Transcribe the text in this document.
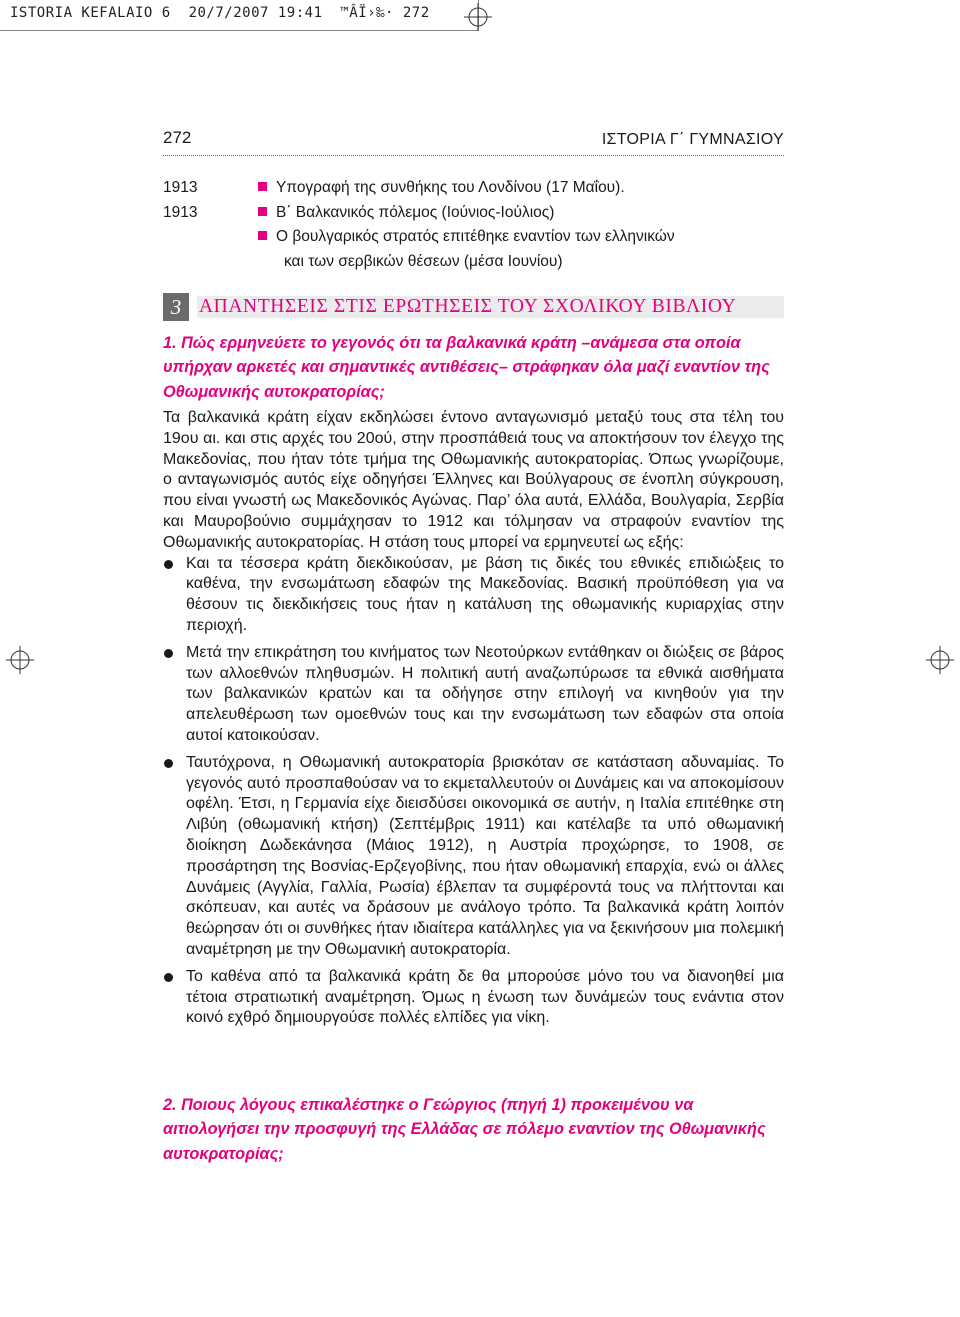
ISTORIA KEFALAIO 6  20/7/2007 19:41  ™ÂÏ›‰· 272
272	ΙΣΤΟΡΙΑ Γ΄ ΓΥΜΝΑΣΙΟΥ
1913	Υπογραφή της συνθήκης του Λονδίνου (17 Μαΐου).
1913	Β΄ Βαλκανικός πόλεμος (Ιούνιος-Ιούλιος)
Ο βουλγαρικός στρατός επιτέθηκε εναντίον των ελληνικών
και των σερβικών θέσεων (μέσα Ιουνίου)
3 ΑΠΑΝΤΗΣΕΙΣ ΣΤΙΣ ΕΡΩΤΗΣΕΙΣ ΤΟΥ ΣΧΟΛΙΚΟΥ ΒΙΒΛΙΟΥ
1. Πώς ερμηνεύετε το γεγονός ότι τα βαλκανικά κράτη –ανάμεσα στα οποία υπήρχαν αρκετές και σημαντικές αντιθέσεις– στράφηκαν όλα μαζί εναντίον της Οθωμανικής αυτοκρατορίας;

Τα βαλκανικά κράτη είχαν εκδηλώσει έντονο ανταγωνισμό μεταξύ τους στα τέλη του 19ου αι. και στις αρχές του 20ού, στην προσπάθειά τους να αποκτήσουν τον έλεγχο της Μακεδονίας, που ήταν τότε τμήμα της Οθωμανικής αυτοκρατορίας. Όπως γνωρίζουμε, ο ανταγωνισμός αυτός είχε οδηγήσει Έλληνες και Βούλγαρους σε ένοπλη σύγκρουση, που είναι γνωστή ως Μακεδονικός Αγώνας. Παρ’ όλα αυτά, Ελλάδα, Βουλγαρία, Σερβία και Μαυροβούνιο συμμάχησαν το 1912 και τόλμησαν να στραφούν εναντίον της Οθωμανικής αυτοκρατορίας. Η στάση τους μπορεί να ερμηνευτεί ως εξής:

Και τα τέσσερα κράτη διεκδικούσαν, με βάση τις δικές του εθνικές επιδιώξεις το καθένα, την ενσωμάτωση εδαφών της Μακεδονίας. Βασική προϋπόθεση για να θέσουν τις διεκδικήσεις τους ήταν η κατάλυση της οθωμανικής κυριαρχίας στην περιοχή.
Μετά την επικράτηση του κινήματος των Νεοτούρκων εντάθηκαν οι διώξεις σε βάρος των αλλοεθνών πληθυσμών. Η πολιτική αυτή αναζωπύρωσε τα εθνικά αισθήματα των βαλκανικών κρατών και τα οδήγησε στην επιλογή να κινηθούν για την απελευθέρωση των ομοεθνών τους και την ενσωμάτωση των εδαφών στα οποία αυτοί κατοικούσαν.
Ταυτόχρονα, η Οθωμανική αυτοκρατορία βρισκόταν σε κατάσταση αδυναμίας. Το γεγονός αυτό προσπαθούσαν να το εκμεταλλευτούν οι Δυνάμεις και να αποκομίσουν οφέλη. Έτσι, η Γερμανία είχε διεισδύσει οικονομικά σε αυτήν, η Ιταλία επιτέθηκε στη Λιβύη (οθωμανική κτήση) (Σεπτέμβρις 1911) και κατέλαβε τα υπό οθωμανική διοίκηση Δωδεκάνησα (Μάιος 1912), η Αυστρία προχώρησε, το 1908, σε προσάρτηση της Βοσνίας-Ερζεγοβίνης, που ήταν οθωμανική επαρχία, ενώ οι άλλες Δυνάμεις (Αγγλία, Γαλλία, Ρωσία) έβλεπαν τα συμφέροντά τους να πλήττονται και σκόπευαν, και αυτές να δράσουν με ανάλογο τρόπο. Τα βαλκανικά κράτη λοιπόν θεώρησαν ότι οι συνθήκες ήταν ιδιαίτερα κατάλληλες για να ξεκινήσουν μια πολεμική αναμέτρηση με την Οθωμανική αυτοκρατορία.
Το καθένα από τα βαλκανικά κράτη δε θα μπορούσε μόνο του να διανοηθεί μια τέτοια στρατιωτική αναμέτρηση. Όμως η ένωση των δυνάμεών τους ενάντια στον κοινό εχθρό δημιουργούσε πολλές ελπίδες για νίκη.
2. Ποιους λόγους επικαλέστηκε ο Γεώργιος (πηγή 1) προκειμένου να αιτιολογήσει την προσφυγή της Ελλάδας σε πόλεμο εναντίον της Οθωμανικής αυτοκρατορίας;
